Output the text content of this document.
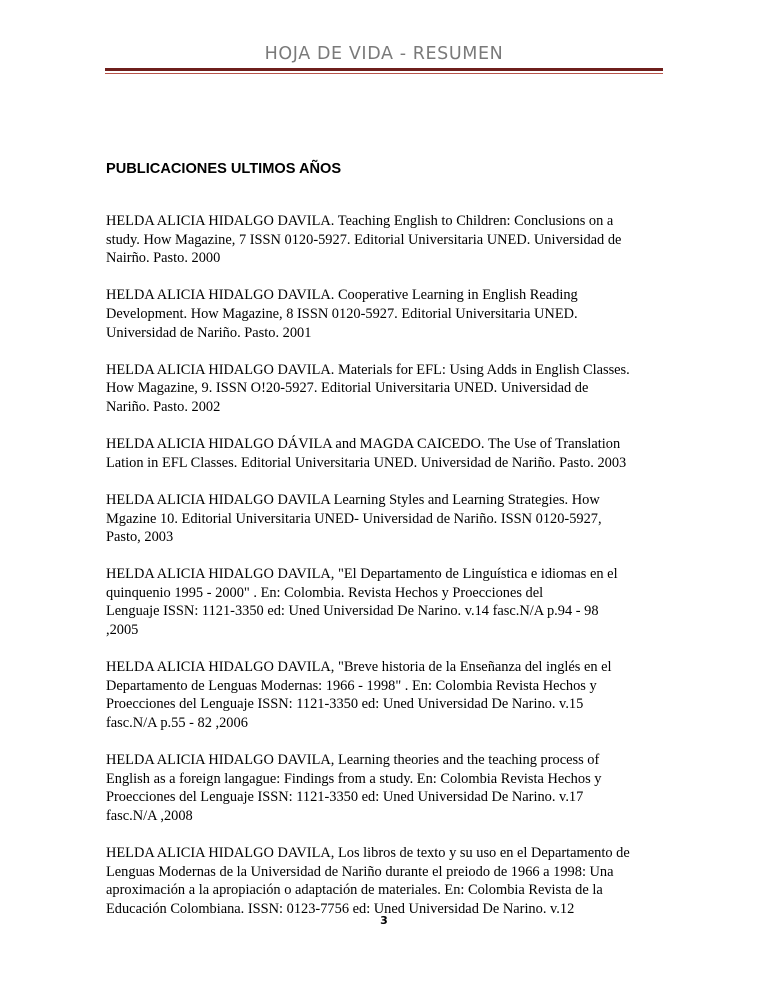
HOJA DE VIDA - RESUMEN
PUBLICACIONES ULTIMOS AÑOS

HELDA ALICIA HIDALGO DAVILA. Teaching English to Children: Conclusions on a
study. How Magazine, 7 ISSN 0120-5927. Editorial Universitaria UNED. Universidad de
Nairño. Pasto. 2000

HELDA ALICIA HIDALGO DAVILA. Cooperative Learning in English Reading
Development. How Magazine, 8 ISSN 0120-5927. Editorial Universitaria UNED.
Universidad de Nariño. Pasto. 2001

HELDA ALICIA HIDALGO DAVILA. Materials for EFL: Using Adds in English Classes.
How Magazine, 9. ISSN O!20-5927. Editorial Universitaria UNED. Universidad de
Nariño. Pasto. 2002

HELDA ALICIA HIDALGO DÁVILA and MAGDA CAICEDO. The Use of Translation
Lation in EFL Classes. Editorial Universitaria UNED. Universidad de Nariño. Pasto. 2003

HELDA ALICIA HIDALGO DAVILA Learning Styles and Learning Strategies. How
Mgazine 10. Editorial Universitaria UNED- Universidad de Nariño. ISSN 0120-5927,
Pasto, 2003

HELDA ALICIA HIDALGO DAVILA, "El Departamento de Linguística e idiomas en el
quinquenio 1995 - 2000" . En: Colombia. Revista Hechos y Proecciones del
Lenguaje ISSN: 1121-3350 ed: Uned Universidad De Narino. v.14 fasc.N/A p.94 - 98
,2005

HELDA ALICIA HIDALGO DAVILA, "Breve historia de la Enseñanza del inglés en el
Departamento de Lenguas Modernas: 1966 - 1998" . En: Colombia Revista Hechos y
Proecciones del Lenguaje ISSN: 1121-3350 ed: Uned Universidad De Narino. v.15
fasc.N/A p.55 - 82 ,2006

HELDA ALICIA HIDALGO DAVILA, Learning theories and the teaching process of
English as a foreign langague: Findings from a study. En: Colombia Revista Hechos y
Proecciones del Lenguaje ISSN: 1121-3350 ed: Uned Universidad De Narino. v.17
fasc.N/A ,2008

HELDA ALICIA HIDALGO DAVILA, Los libros de texto y su uso en el Departamento de
Lenguas Modernas de la Universidad de Nariño durante el preiodo de 1966 a 1998: Una
aproximación a la apropiación o adaptación de materiales. En: Colombia Revista de la
Educación Colombiana. ISSN: 0123-7756 ed: Uned Universidad De Narino. v.12

3
